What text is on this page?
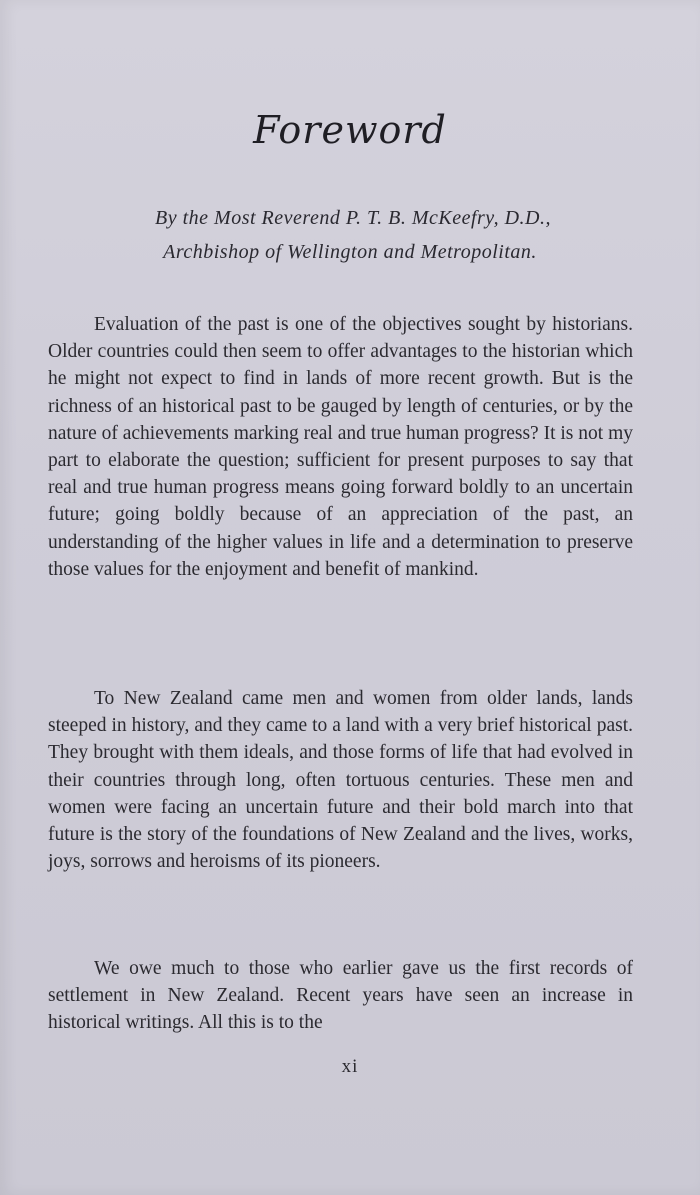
Foreword
By the Most Reverend P. T. B. McKeefry, D.D.,
Archbishop of Wellington and Metropolitan.

Evaluation of the past is one of the objectives sought by historians. Older countries could then seem to offer advantages to the historian which he might not expect to find in lands of more recent growth. But is the richness of an historical past to be gauged by length of centuries, or by the nature of achievements marking real and true human progress? It is not my part to elaborate the question; sufficient for present purposes to say that real and true human progress means going forward boldly to an uncertain future; going boldly because of an appreciation of the past, an understanding of the higher values in life and a determination to preserve those values for the enjoyment and benefit of mankind.

To New Zealand came men and women from older lands, lands steeped in history, and they came to a land with a very brief historical past. They brought with them ideals, and those forms of life that had evolved in their countries through long, often tortuous centuries. These men and women were facing an uncertain future and their bold march into that future is the story of the foundations of New Zealand and the lives, works, joys, sorrows and heroisms of its pioneers.

We owe much to those who earlier gave us the first records of settlement in New Zealand. Recent years have seen an increase in historical writings. All this is to the

xi
